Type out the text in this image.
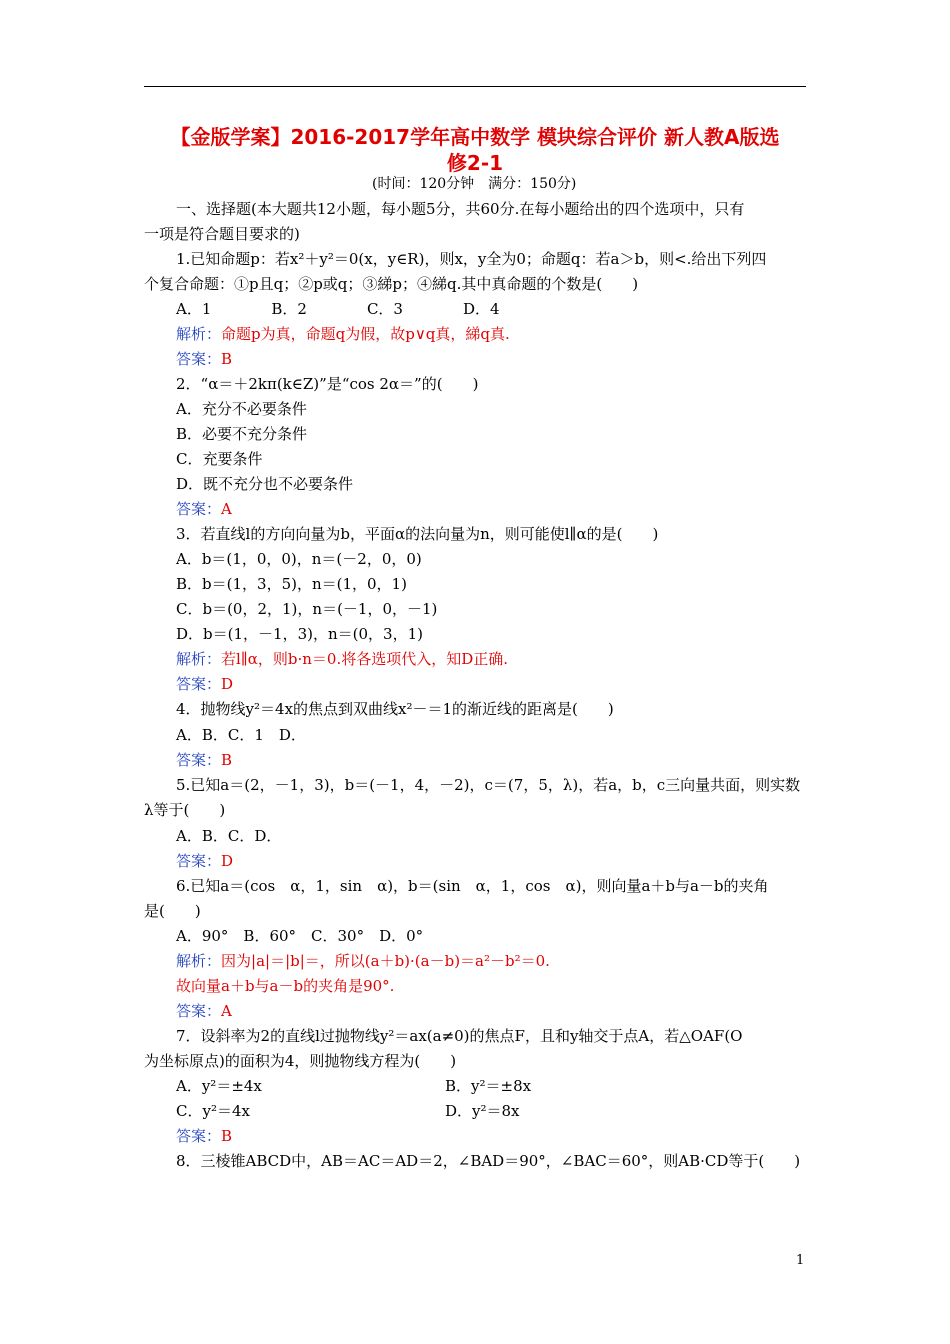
【金版学案】2016-2017学年高中数学 模块综合评价 新人教A版选
修2-1
(时间：120分钟　满分：150分)
一、选择题(本大题共12小题，每小题5分，共60分.在每小题给出的四个选项中，只有
一项是符合题目要求的)
1.已知命题p：若x²＋y²＝0(x，y∈R)，则x，y全为0；命题q：若a＞b，则<.给出下列四
个复合命题：①p且q；②p或q；③綈p；④綈q.其中真命题的个数是(　　)
A．1　　　　B．2　　　　C．3　　　　D．4
解析：命题p为真，命题q为假，故p∨q真，綈q真.
答案：B
2．“α＝＋2kπ(k∈Z)”是“cos 2α＝”的(　　)
A．充分不必要条件
B．必要不充分条件
C．充要条件
D．既不充分也不必要条件
答案：A
3．若直线l的方向向量为b，平面α的法向量为n，则可能使l∥α的是(　　)
A．b＝(1，0，0)，n＝(－2，0，0)
B．b＝(1，3，5)，n＝(1，0，1)
C．b＝(0，2，1)，n＝(－1，0，－1)
D．b＝(1，－1，3)，n＝(0，3，1)
解析：若l∥α，则b·n＝0.将各选项代入，知D正确.
答案：D
4．抛物线y²＝4x的焦点到双曲线x²－＝1的渐近线的距离是(　　)
A．B．C．1　D．
答案：B
5.已知a＝(2，－1，3)，b＝(－1，4，－2)，c＝(7，5，λ)，若a，b，c三向量共面，则实数
λ等于(　　)
A．B．C．D．
答案：D
6.已知a＝(cos　α，1，sin　α)，b＝(sin　α，1，cos　α)，则向量a＋b与a－b的夹角
是(　　)
A．90°　B．60°　C．30°　D．0°
解析：因为|a|＝|b|＝，所以(a＋b)·(a－b)＝a²－b²＝0.
故向量a＋b与a－b的夹角是90°.
答案：A
7．设斜率为2的直线l过抛物线y²＝ax(a≠0)的焦点F，且和y轴交于点A，若△OAF(O
为坐标原点)的面积为4，则抛物线方程为(　　)
A．y²＝±4x	B．y²＝±8x
C．y²＝4x	D．y²＝8x
答案：B
8．三棱锥ABCD中，AB＝AC＝AD＝2，∠BAD＝90°，∠BAC＝60°，则AB·CD等于(　　)
1
